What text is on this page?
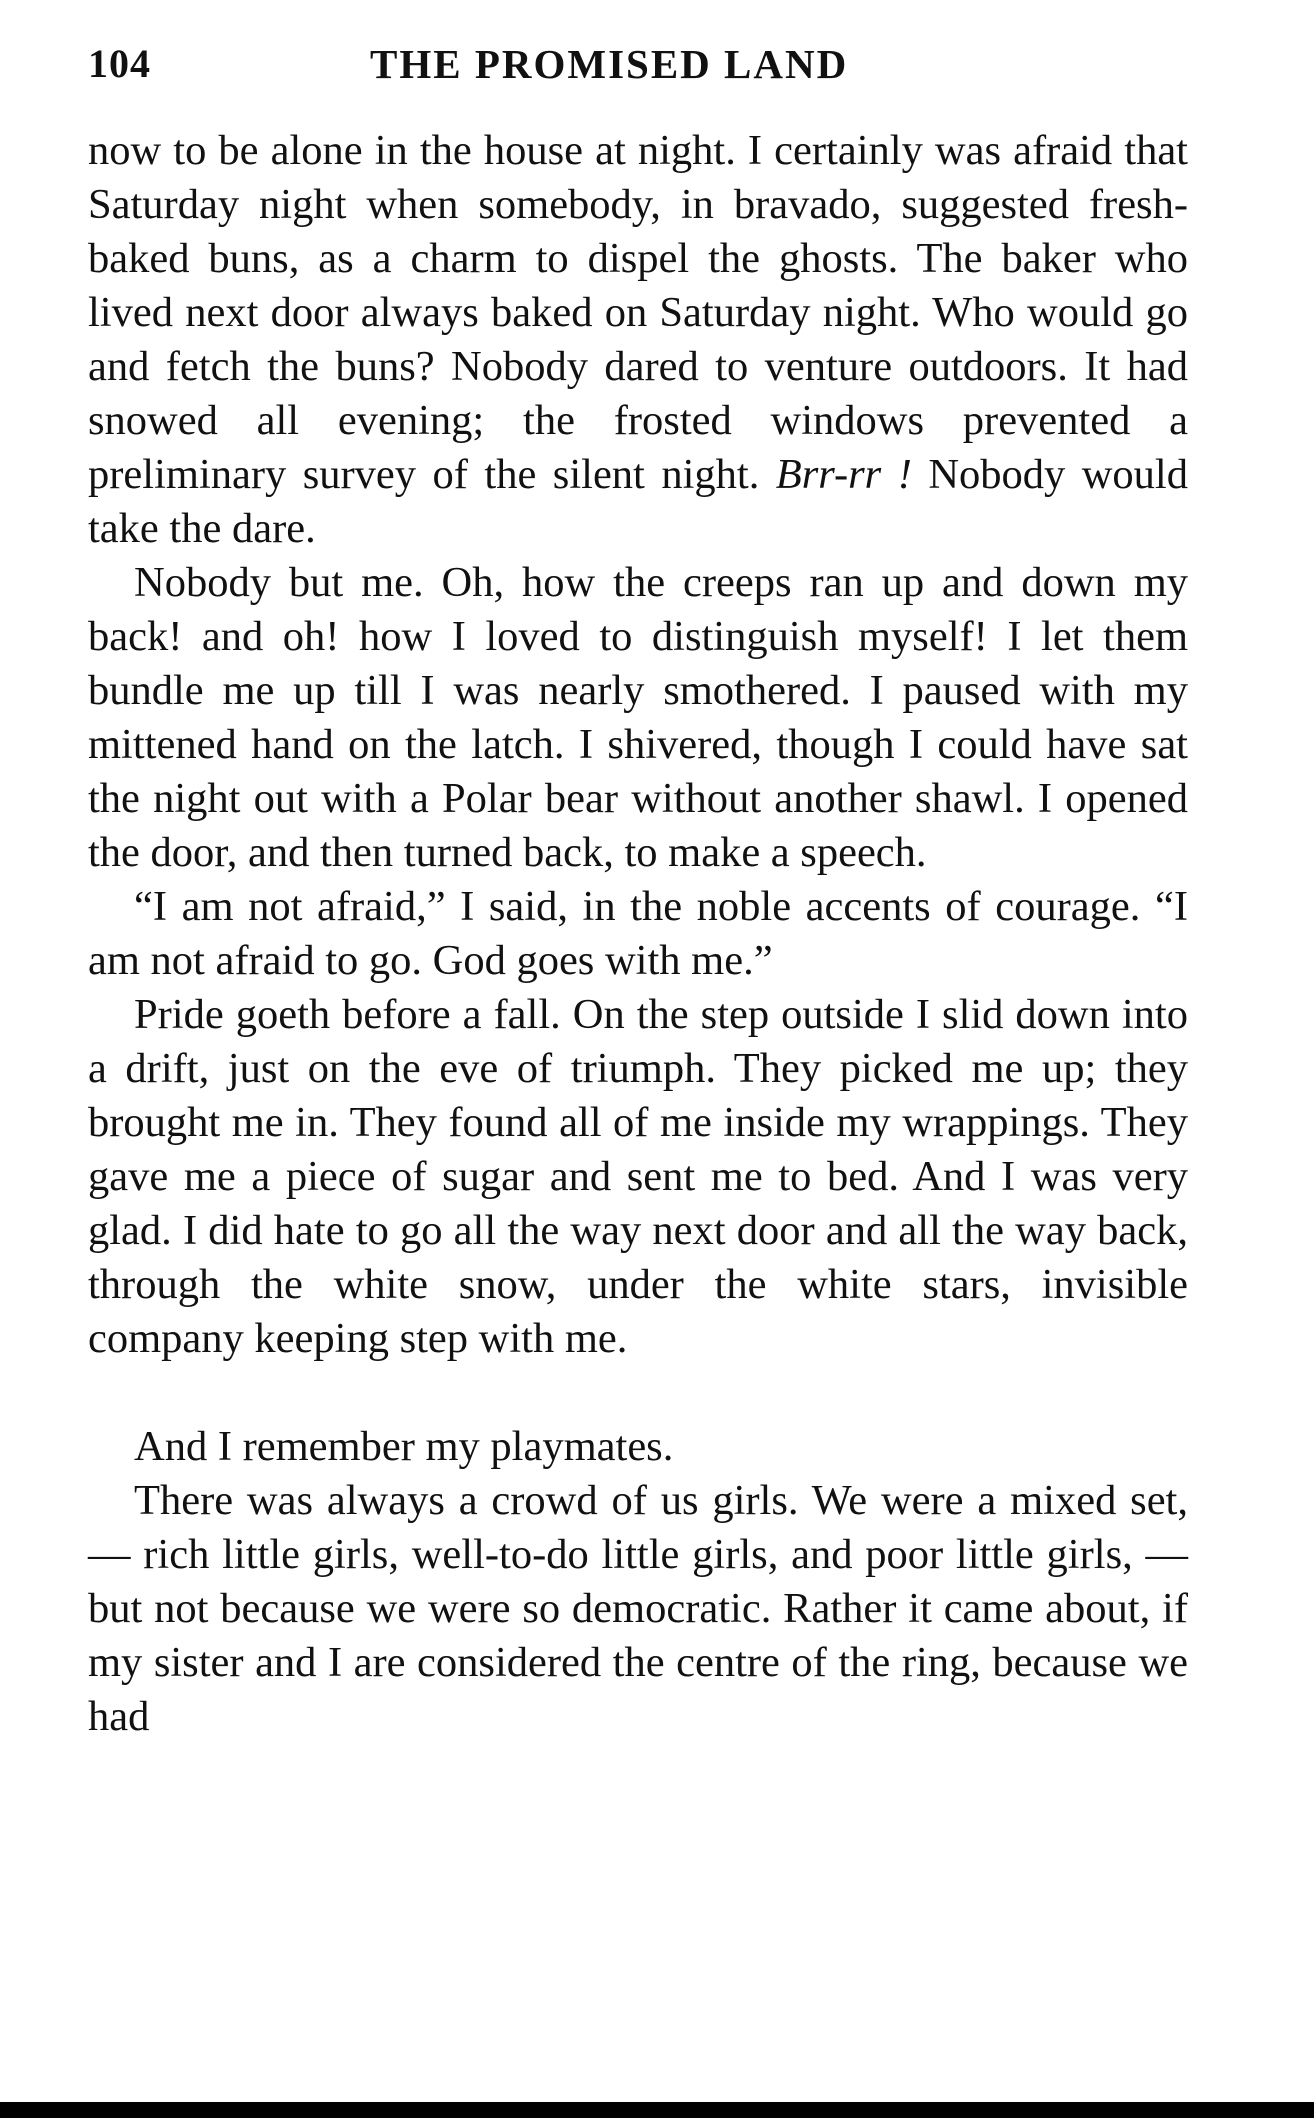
104	THE PROMISED LAND

now to be alone in the house at night. I certainly was afraid that Saturday night when somebody, in bravado, suggested fresh-baked buns, as a charm to dispel the ghosts. The baker who lived next door always baked on Saturday night. Who would go and fetch the buns? Nobody dared to venture outdoors. It had snowed all evening; the frosted windows prevented a preliminary survey of the silent night. Brr-rr ! Nobody would take the dare.

Nobody but me. Oh, how the creeps ran up and down my back! and oh! how I loved to distinguish myself! I let them bundle me up till I was nearly smothered. I paused with my mittened hand on the latch. I shivered, though I could have sat the night out with a Polar bear without another shawl. I opened the door, and then turned back, to make a speech.

“I am not afraid,” I said, in the noble accents of courage. “I am not afraid to go. God goes with me.”

Pride goeth before a fall. On the step outside I slid down into a drift, just on the eve of triumph. They picked me up; they brought me in. They found all of me inside my wrappings. They gave me a piece of sugar and sent me to bed. And I was very glad. I did hate to go all the way next door and all the way back, through the white snow, under the white stars, invisible company keeping step with me.

And I remember my playmates.

There was always a crowd of us girls. We were a mixed set, — rich little girls, well-to-do little girls, and poor little girls, — but not because we were so democratic. Rather it came about, if my sister and I are considered the centre of the ring, because we had
